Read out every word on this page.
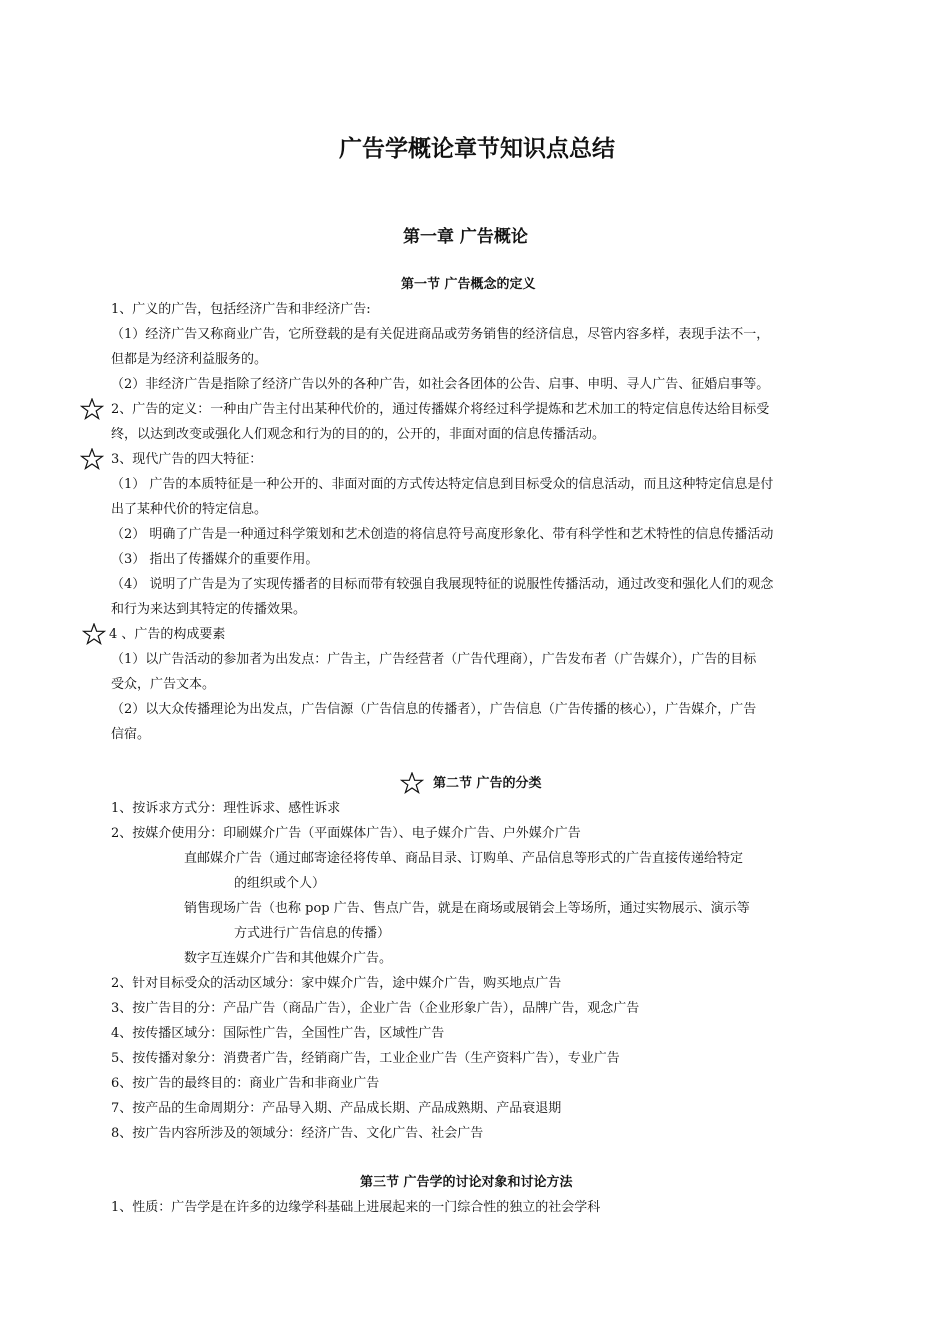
广告学概论章节知识点总结
第一章 广告概论
第一节 广告概念的定义
1、广义的广告，包括经济广告和非经济广告:
（1）经济广告又称商业广告，它所登载的是有关促进商品或劳务销售的经济信息，尽管内容多样，表现手法不一，
但都是为经济利益服务的。
（2）非经济广告是指除了经济广告以外的各种广告，如社会各团体的公告、启事、申明、寻人广告、征婚启事等。
2、广告的定义：一种由广告主付出某种代价的，通过传播媒介将经过科学提炼和艺术加工的特定信息传达给目标受
终，以达到改变或强化人们观念和行为的目的的，公开的，非面对面的信息传播活动。
3、现代广告的四大特征：
（1） 广告的本质特征是一种公开的、非面对面的方式传达特定信息到目标受众的信息活动，而且这种特定信息是付
出了某种代价的特定信息。
（2） 明确了广告是一种通过科学策划和艺术创造的将信息符号高度形象化、带有科学性和艺术特性的信息传播活动
（3） 指出了传播媒介的重要作用。
（4） 说明了广告是为了实现传播者的目标而带有较强自我展现特征的说服性传播活动，通过改变和强化人们的观念
和行为来达到其特定的传播效果。
4 、广告的构成要素
（1）以广告活动的参加者为出发点：广告主，广告经营者（广告代理商），广告发布者（广告媒介），广告的目标
受众，广告文本。
（2）以大众传播理论为出发点，广告信源（广告信息的传播者），广告信息（广告传播的核心），广告媒介，广告
信宿。
第二节 广告的分类
1、按诉求方式分：理性诉求、感性诉求
2、按媒介使用分：印刷媒介广告（平面媒体广告）、电子媒介广告、户外媒介广告
直邮媒介广告（通过邮寄途径将传单、商品目录、订购单、产品信息等形式的广告直接传递给特定
的组织或个人）
销售现场广告（也称 pop 广告、售点广告，就是在商场或展销会上等场所，通过实物展示、演示等
方式进行广告信息的传播）
数字互连媒介广告和其他媒介广告。
2、针对目标受众的活动区域分：家中媒介广告，途中媒介广告，购买地点广告
3、按广告目的分：产品广告（商品广告），企业广告（企业形象广告），品牌广告，观念广告
4、按传播区域分：国际性广告，全国性广告，区域性广告
5、按传播对象分：消费者广告，经销商广告，工业企业广告（生产资料广告），专业广告
6、按广告的最终目的：商业广告和非商业广告
7、按产品的生命周期分：产品导入期、产品成长期、产品成熟期、产品衰退期
8、按广告内容所涉及的领域分：经济广告、文化广告、社会广告
第三节 广告学的讨论对象和讨论方法
1、性质：广告学是在许多的边缘学科基础上进展起来的一门综合性的独立的社会学科
